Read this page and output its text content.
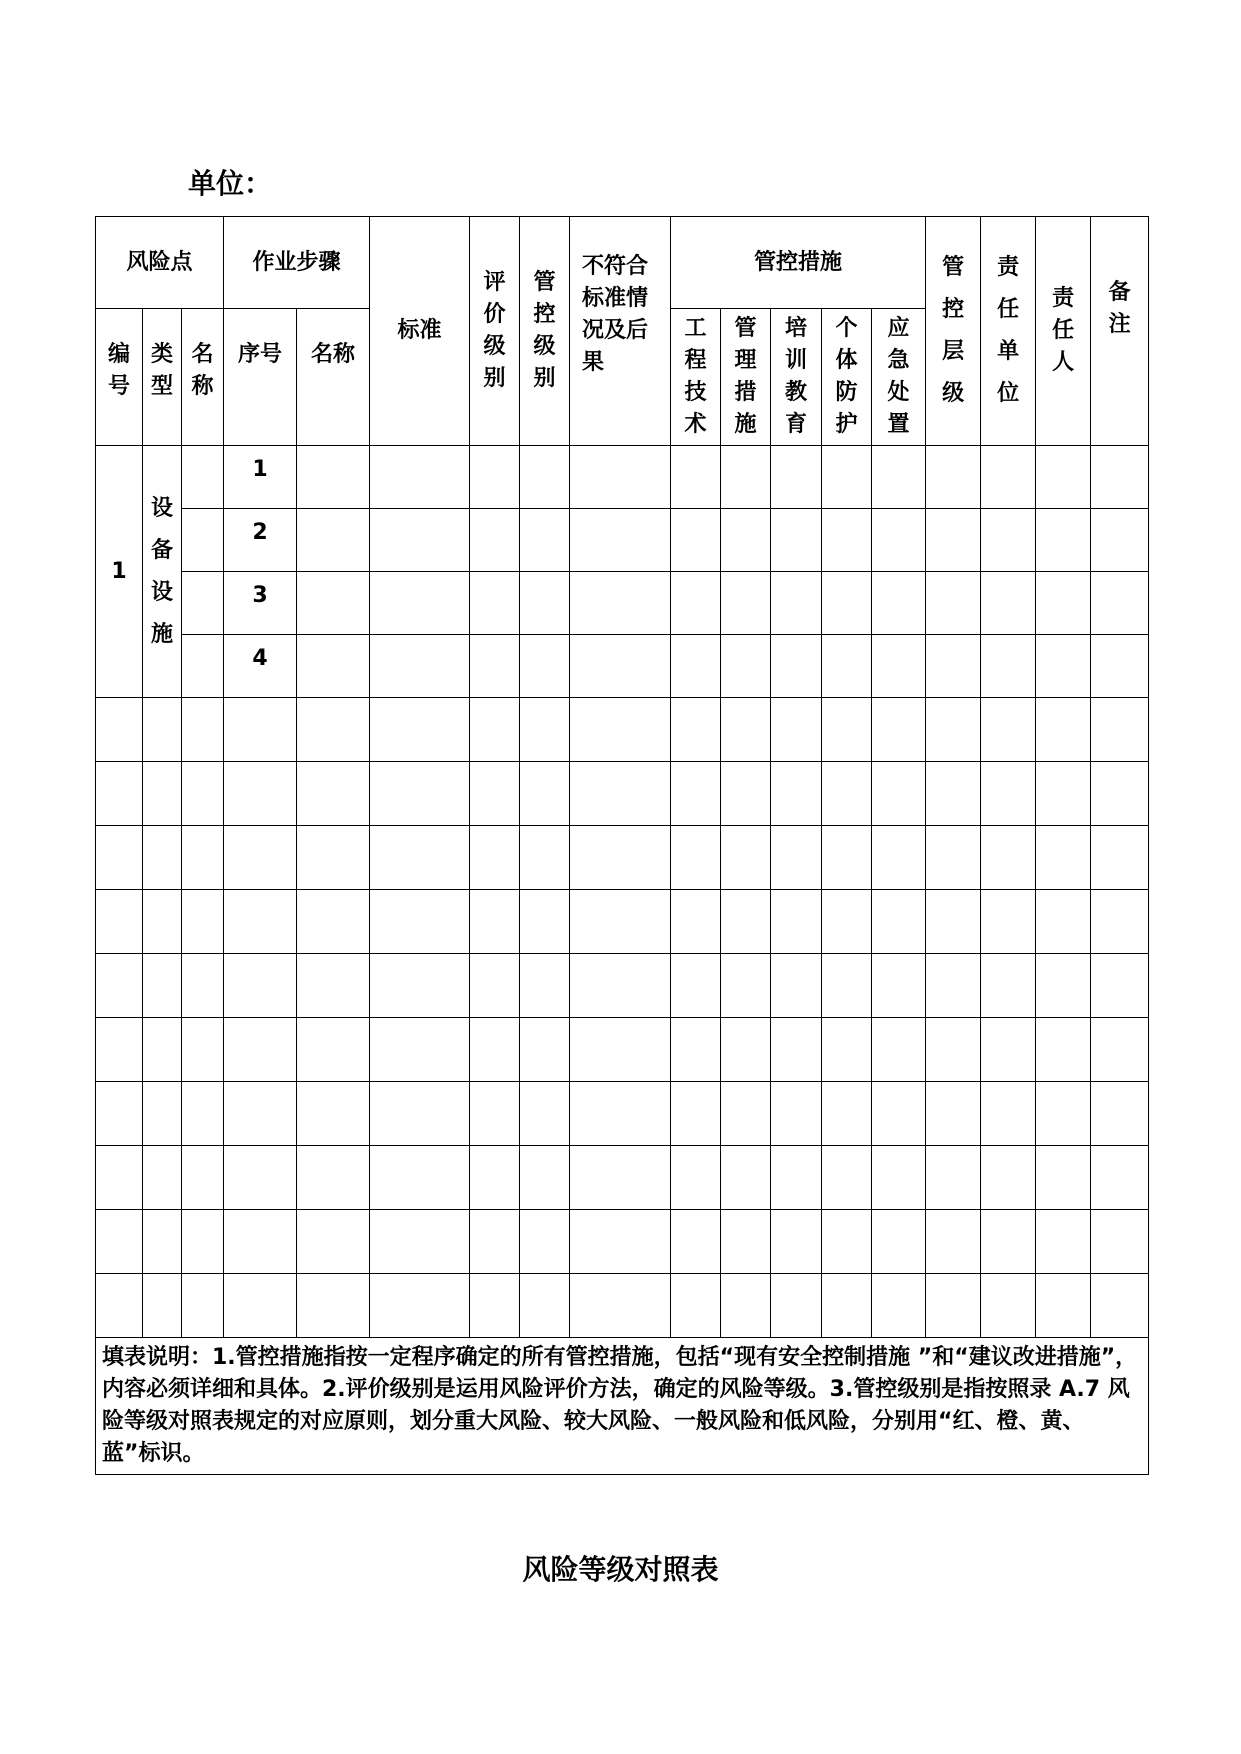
单位：
风险点			作业步骤		标准	评价级别	管控级别	不符合标准情况及后果	管控措施					管控层级	责任单位	责任人	备注
编号	类型	名称	序号	名称					工程技术	管理措施	培训教育	个体防护	应急处置				
1	设备设施		1														
			2														
			3														
			4														

填表说明：1.管控措施指按一定程序确定的所有管控措施，包括“现有安全控制措施 ”和“建议改进措施”，内容必须详细和具体。2.评价级别是运用风险评价方法，确定的风险等级。3.管控级别是指按照录 A.7 风险等级对照表规定的对应原则，划分重大风险、较大风险、一般风险和低风险，分别用“红、橙、黄、蓝”标识。																	
风险等级对照表
